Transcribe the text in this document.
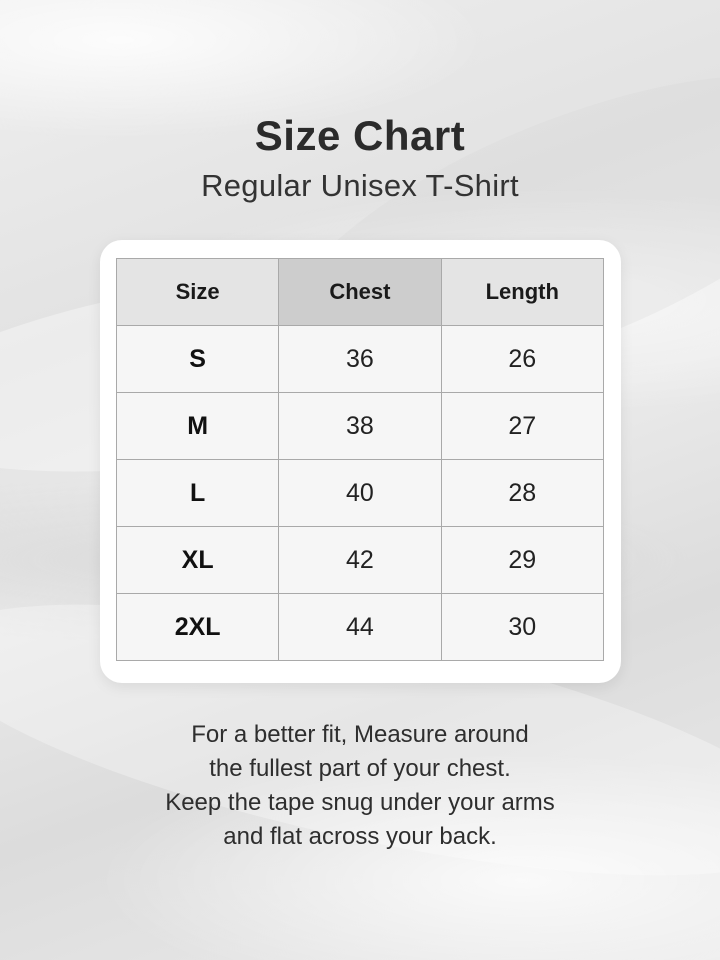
Size Chart
Regular Unisex T-Shirt
Size	Chest	Length
S	36	26
M	38	27
L	40	28
XL	42	29
2XL	44	30
For a better fit, Measure around
the fullest part of your chest.
Keep the tape snug under your arms
and flat across your back.
